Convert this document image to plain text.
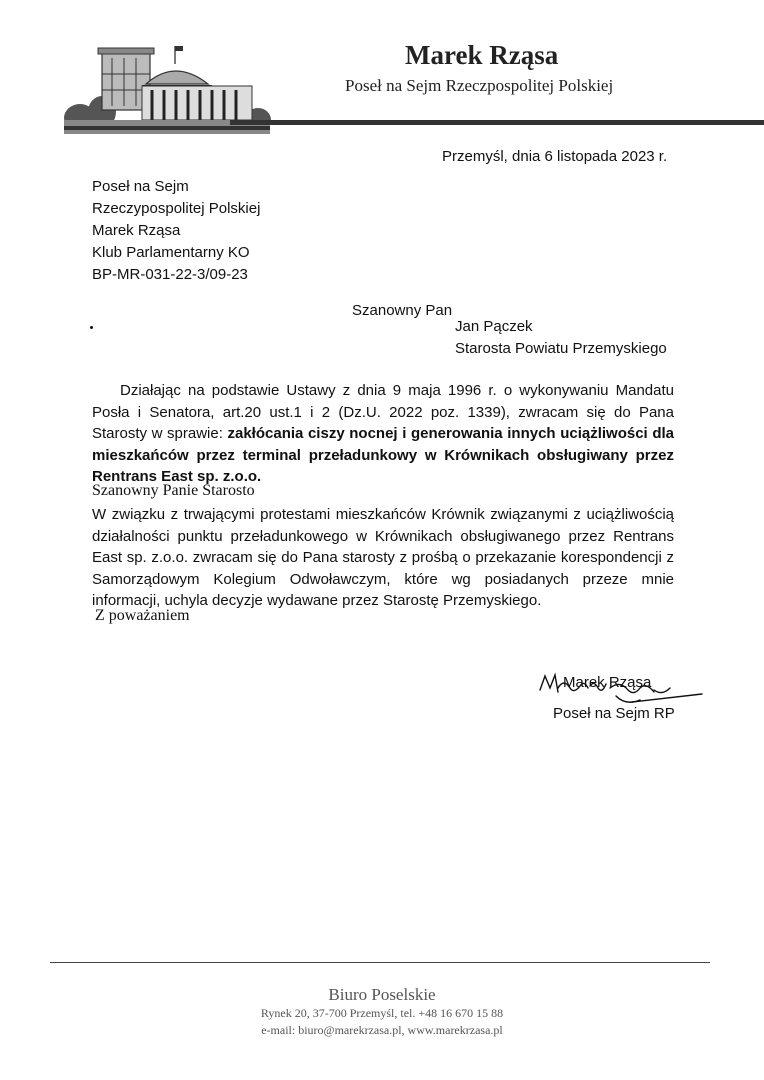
Marek Rząsa
Poseł na Sejm Rzeczpospolitej Polskiej
Przemyśl, dnia 6 listopada 2023 r.
Poseł na Sejm
Rzeczypospolitej Polskiej
Marek Rząsa
Klub Parlamentarny KO
BP-MR-031-22-3/09-23
Szanowny Pan
Jan Pączek
Starosta Powiatu Przemyskiego
Działając na podstawie Ustawy z dnia 9 maja 1996 r. o wykonywaniu Mandatu Posła i Senatora, art.20 ust.1 i 2 (Dz.U. 2022 poz. 1339), zwracam się do Pana Starosty w sprawie: zakłócania ciszy nocnej i generowania innych uciążliwości dla mieszkańców przez terminal przeładunkowy w Krównikach obsługiwany przez Rentrans East sp. z.o.o.
Szanowny Panie Starosto
W związku z trwającymi protestami mieszkańców Krównik związanymi z uciążliwością działalności punktu przeładunkowego w Krównikach obsługiwanego przez Rentrans East sp. z.o.o. zwracam się do Pana starosty z prośbą o przekazanie korespondencji z Samorządowym Kolegium Odwoławczym, które wg posiadanych przeze mnie informacji, uchyla decyzje wydawane przez Starostę Przemyskiego.
Z poważaniem
Marek Rząsa
Poseł na Sejm RP
Biuro Poselskie
Rynek 20, 37-700 Przemyśl, tel. +48 16 670 15 88
e-mail: biuro@marekrzasa.pl, www.marekrzasa.pl
